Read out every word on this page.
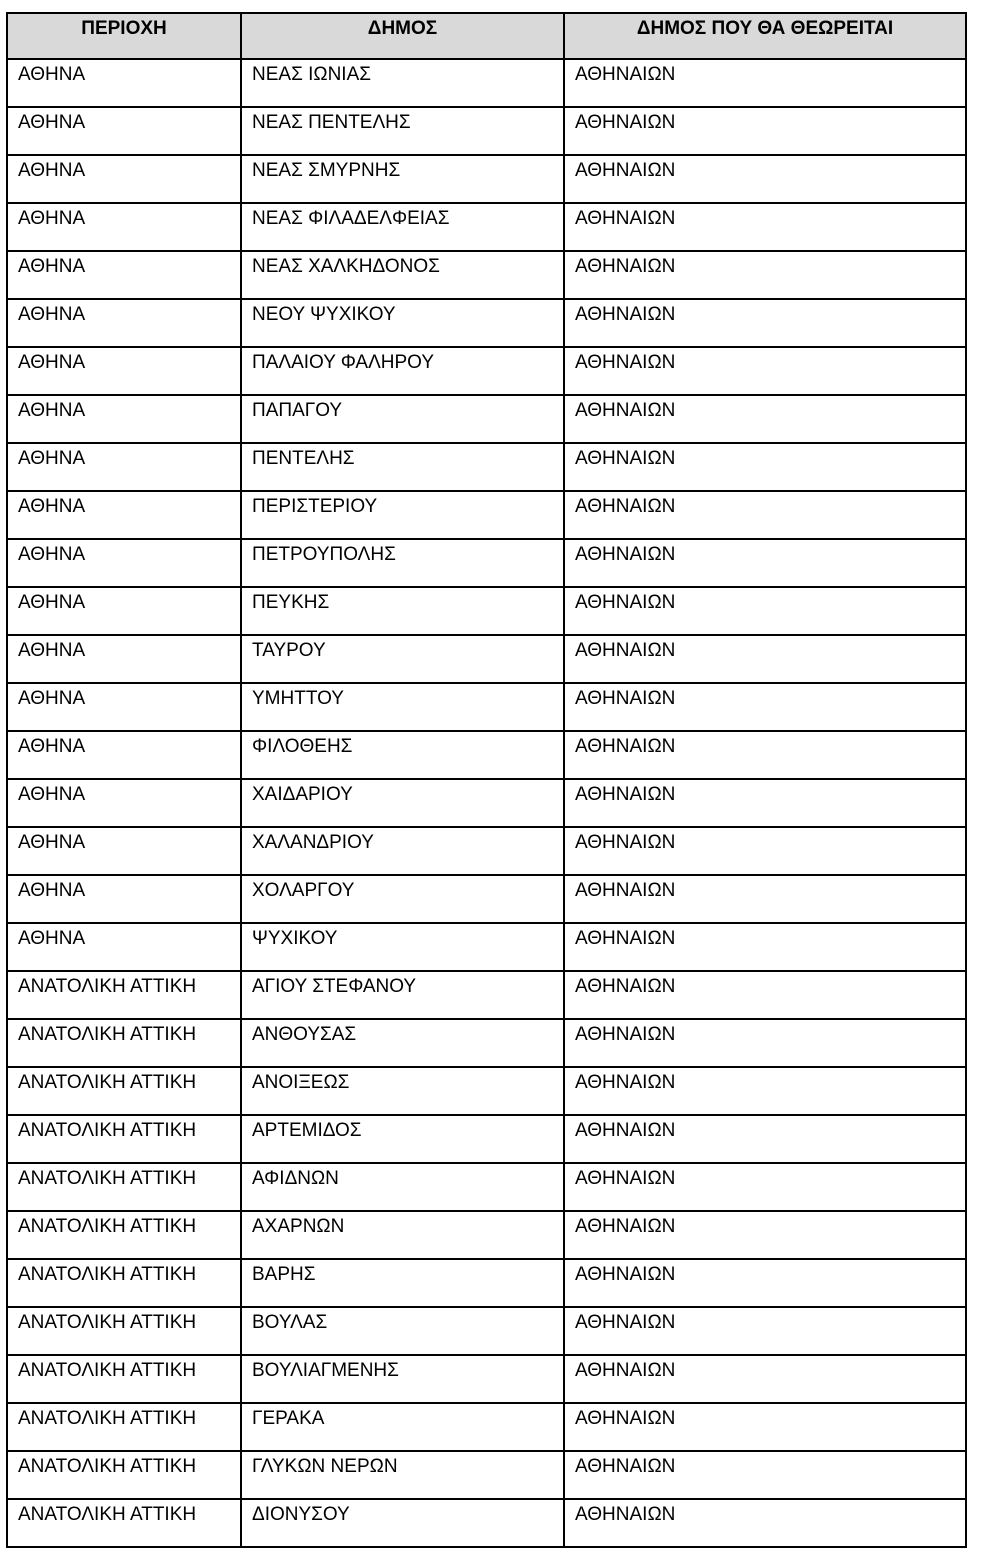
ΠΕΡΙΟΧΗ	ΔΗΜΟΣ	ΔΗΜΟΣ ΠΟΥ ΘΑ ΘΕΩΡΕΙΤΑΙ
ΑΘΗΝΑ	ΝΕΑΣ ΙΩΝΙΑΣ	ΑΘΗΝΑΙΩΝ
ΑΘΗΝΑ	ΝΕΑΣ ΠΕΝΤΕΛΗΣ	ΑΘΗΝΑΙΩΝ
ΑΘΗΝΑ	ΝΕΑΣ ΣΜΥΡΝΗΣ	ΑΘΗΝΑΙΩΝ
ΑΘΗΝΑ	ΝΕΑΣ ΦΙΛΑΔΕΛΦΕΙΑΣ	ΑΘΗΝΑΙΩΝ
ΑΘΗΝΑ	ΝΕΑΣ ΧΑΛΚΗΔΟΝΟΣ	ΑΘΗΝΑΙΩΝ
ΑΘΗΝΑ	ΝΕΟΥ ΨΥΧΙΚΟΥ	ΑΘΗΝΑΙΩΝ
ΑΘΗΝΑ	ΠΑΛΑΙΟΥ ΦΑΛΗΡΟΥ	ΑΘΗΝΑΙΩΝ
ΑΘΗΝΑ	ΠΑΠΑΓΟΥ	ΑΘΗΝΑΙΩΝ
ΑΘΗΝΑ	ΠΕΝΤΕΛΗΣ	ΑΘΗΝΑΙΩΝ
ΑΘΗΝΑ	ΠΕΡΙΣΤΕΡΙΟΥ	ΑΘΗΝΑΙΩΝ
ΑΘΗΝΑ	ΠΕΤΡΟΥΠΟΛΗΣ	ΑΘΗΝΑΙΩΝ
ΑΘΗΝΑ	ΠΕΥΚΗΣ	ΑΘΗΝΑΙΩΝ
ΑΘΗΝΑ	ΤΑΥΡΟΥ	ΑΘΗΝΑΙΩΝ
ΑΘΗΝΑ	ΥΜΗΤΤΟΥ	ΑΘΗΝΑΙΩΝ
ΑΘΗΝΑ	ΦΙΛΟΘΕΗΣ	ΑΘΗΝΑΙΩΝ
ΑΘΗΝΑ	ΧΑΙΔΑΡΙΟΥ	ΑΘΗΝΑΙΩΝ
ΑΘΗΝΑ	ΧΑΛΑΝΔΡΙΟΥ	ΑΘΗΝΑΙΩΝ
ΑΘΗΝΑ	ΧΟΛΑΡΓΟΥ	ΑΘΗΝΑΙΩΝ
ΑΘΗΝΑ	ΨΥΧΙΚΟΥ	ΑΘΗΝΑΙΩΝ
ΑΝΑΤΟΛΙΚΗ ΑΤΤΙΚΗ	ΑΓΙΟΥ ΣΤΕΦΑΝΟΥ	ΑΘΗΝΑΙΩΝ
ΑΝΑΤΟΛΙΚΗ ΑΤΤΙΚΗ	ΑΝΘΟΥΣΑΣ	ΑΘΗΝΑΙΩΝ
ΑΝΑΤΟΛΙΚΗ ΑΤΤΙΚΗ	ΑΝΟΙΞΕΩΣ	ΑΘΗΝΑΙΩΝ
ΑΝΑΤΟΛΙΚΗ ΑΤΤΙΚΗ	ΑΡΤΕΜΙΔΟΣ	ΑΘΗΝΑΙΩΝ
ΑΝΑΤΟΛΙΚΗ ΑΤΤΙΚΗ	ΑΦΙΔΝΩΝ	ΑΘΗΝΑΙΩΝ
ΑΝΑΤΟΛΙΚΗ ΑΤΤΙΚΗ	ΑΧΑΡΝΩΝ	ΑΘΗΝΑΙΩΝ
ΑΝΑΤΟΛΙΚΗ ΑΤΤΙΚΗ	ΒΑΡΗΣ	ΑΘΗΝΑΙΩΝ
ΑΝΑΤΟΛΙΚΗ ΑΤΤΙΚΗ	ΒΟΥΛΑΣ	ΑΘΗΝΑΙΩΝ
ΑΝΑΤΟΛΙΚΗ ΑΤΤΙΚΗ	ΒΟΥΛΙΑΓΜΕΝΗΣ	ΑΘΗΝΑΙΩΝ
ΑΝΑΤΟΛΙΚΗ ΑΤΤΙΚΗ	ΓΕΡΑΚΑ	ΑΘΗΝΑΙΩΝ
ΑΝΑΤΟΛΙΚΗ ΑΤΤΙΚΗ	ΓΛΥΚΩΝ ΝΕΡΩΝ	ΑΘΗΝΑΙΩΝ
ΑΝΑΤΟΛΙΚΗ ΑΤΤΙΚΗ	ΔΙΟΝΥΣΟΥ	ΑΘΗΝΑΙΩΝ
